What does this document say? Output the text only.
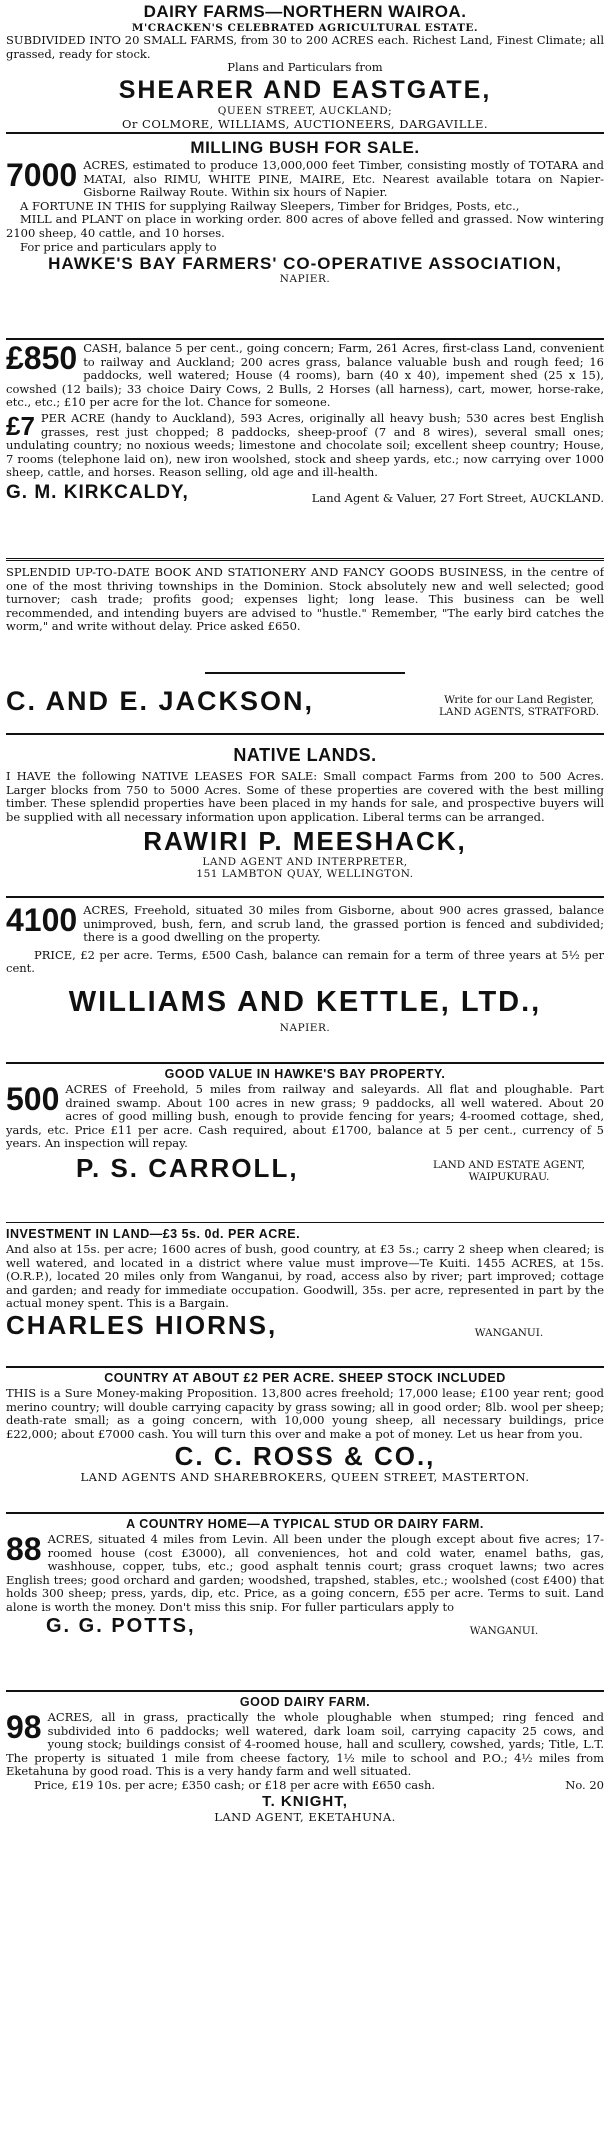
DAIRY FARMS—NORTHERN WAIROA.
M'CRACKEN'S CELEBRATED AGRICULTURAL ESTATE.
SUBDIVIDED INTO 20 SMALL FARMS, from 30 to 200 ACRES each. Richest Land, Finest Climate; all grassed, ready for stock.
Plans and Particulars from
SHEARER AND EASTGATE,
QUEEN STREET, AUCKLAND;
Or COLMORE, WILLIAMS, AUCTIONEERS, DARGAVILLE.
MILLING BUSH FOR SALE.
7000 ACRES, estimated to produce 13,000,000 feet Timber, consisting mostly of TOTARA and MATAI, also RIMU, WHITE PINE, MAIRE, Etc. Nearest available totara on Napier-Gisborne Railway Route. Within six hours of Napier.
A FORTUNE IN THIS for supplying Railway Sleepers, Timber for Bridges, Posts, etc.,
MILL and PLANT on place in working order. 800 acres of above felled and grassed. Now wintering 2100 sheep, 40 cattle, and 10 horses.
For price and particulars apply to
HAWKE'S BAY FARMERS' CO-OPERATIVE ASSOCIATION,
NAPIER.
£850 CASH, balance 5 per cent., going concern; Farm, 261 Acres, first-class Land, convenient to railway and Auckland; 200 acres grass, balance valuable bush and rough feed; 16 paddocks, well watered; House (4 rooms), barn (40 x 40), impement shed (25 x 15), cowshed (12 bails); 33 choice Dairy Cows, 2 Bulls, 2 Horses (all harness), cart, mower, horse-rake, etc., etc.; £10 per acre for the lot. Chance for someone.
£7 PER ACRE (handy to Auckland), 593 Acres, originally all heavy bush; 530 acres best English grasses, rest just chopped; 8 paddocks, sheep-proof (7 and 8 wires), several small ones; undulating country; no noxious weeds; limestone and chocolate soil; excellent sheep country; House, 7 rooms (telephone laid on), new iron woolshed, stock and sheep yards, etc.; now carrying over 1000 sheep, cattle, and horses. Reason selling, old age and ill-health.
G. M. KIRKCALDY,	Land Agent & Valuer, 27 Fort Street, AUCKLAND.
SPLENDID UP-TO-DATE BOOK AND STATIONERY AND FANCY GOODS BUSINESS, in the centre of one of the most thriving townships in the Dominion. Stock absolutely new and well selected; good turnover; cash trade; profits good; expenses light; long lease. This business can be well recommended, and intending buyers are advised to "hustle." Remember, "The early bird catches the worm," and write without delay. Price asked £650.
C. AND E. JACKSON,	Write for our Land Register, LAND AGENTS, STRATFORD.
NATIVE LANDS.
I HAVE the following NATIVE LEASES FOR SALE: Small compact Farms from 200 to 500 Acres. Larger blocks from 750 to 5000 Acres. Some of these properties are covered with the best milling timber. These splendid properties have been placed in my hands for sale, and prospective buyers will be supplied with all necessary information upon application. Liberal terms can be arranged.
RAWIRI P. MEESHACK,
LAND AGENT AND INTERPRETER,
151 LAMBTON QUAY, WELLINGTON.
4100 ACRES, Freehold, situated 30 miles from Gisborne, about 900 acres grassed, balance unimproved, bush, fern, and scrub land, the grassed portion is fenced and subdivided; there is a good dwelling on the property.
PRICE, £2 per acre. Terms, £500 Cash, balance can remain for a term of three years at 5½ per cent.
WILLIAMS AND KETTLE, LTD.,
NAPIER.
GOOD VALUE IN HAWKE'S BAY PROPERTY.
500 ACRES of Freehold, 5 miles from railway and saleyards. All flat and ploughable. Part drained swamp. About 100 acres in new grass; 9 paddocks, all well watered. About 20 acres of good milling bush, enough to provide fencing for years; 4-roomed cottage, shed, yards, etc. Price £11 per acre. Cash required, about £1700, balance at 5 per cent., currency of 5 years. An inspection will repay.
P. S. CARROLL,	LAND AND ESTATE AGENT, WAIPUKURAU.
INVESTMENT IN LAND—£3 5s. 0d. PER ACRE.
And also at 15s. per acre; 1600 acres of bush, good country, at £3 5s.; carry 2 sheep when cleared; is well watered, and located in a district where value must improve—Te Kuiti. 1455 ACRES, at 15s. (O.R.P.), located 20 miles only from Wanganui, by road, access also by river; part improved; cottage and garden; and ready for immediate occupation. Goodwill, 35s. per acre, represented in part by the actual money spent. This is a Bargain.
CHARLES HIORNS,	WANGANUI.
COUNTRY AT ABOUT £2 PER ACRE. SHEEP STOCK INCLUDED
THIS is a Sure Money-making Proposition. 13,800 acres freehold; 17,000 lease; £100 year rent; good merino country; will double carrying capacity by grass sowing; all in good order; 8lb. wool per sheep; death-rate small; as a going concern, with 10,000 young sheep, all necessary buildings, price £22,000; about £7000 cash. You will turn this over and make a pot of money. Let us hear from you.
C. C. ROSS & CO.,
LAND AGENTS AND SHAREBROKERS, QUEEN STREET, MASTERTON.
A COUNTRY HOME—A TYPICAL STUD OR DAIRY FARM.
88 ACRES, situated 4 miles from Levin. All been under the plough except about five acres; 17-roomed house (cost £3000), all conveniences, hot and cold water, enamel baths, gas, washhouse, copper, tubs, etc.; good asphalt tennis court; grass croquet lawns; two acres English trees; good orchard and garden; woodshed, trapshed, stables, etc.; woolshed (cost £400) that holds 300 sheep; press, yards, dip, etc. Price, as a going concern, £55 per acre. Terms to suit. Land alone is worth the money. Don't miss this snip. For fuller particulars apply to
G. G. POTTS,	WANGANUI.
GOOD DAIRY FARM.
98 ACRES, all in grass, practically the whole ploughable when stumped; ring fenced and subdivided into 6 paddocks; well watered, dark loam soil, carrying capacity 25 cows, and young stock; buildings consist of 4-roomed house, hall and scullery, cowshed, yards; Title, L.T. The property is situated 1 mile from cheese factory, 1½ mile to school and P.O.; 4½ miles from Eketahuna by good road. This is a very handy farm and well situated.
Price, £19 10s. per acre; £350 cash; or £18 per acre with £650 cash.	No. 20
T. KNIGHT,
LAND AGENT, EKETAHUNA.
